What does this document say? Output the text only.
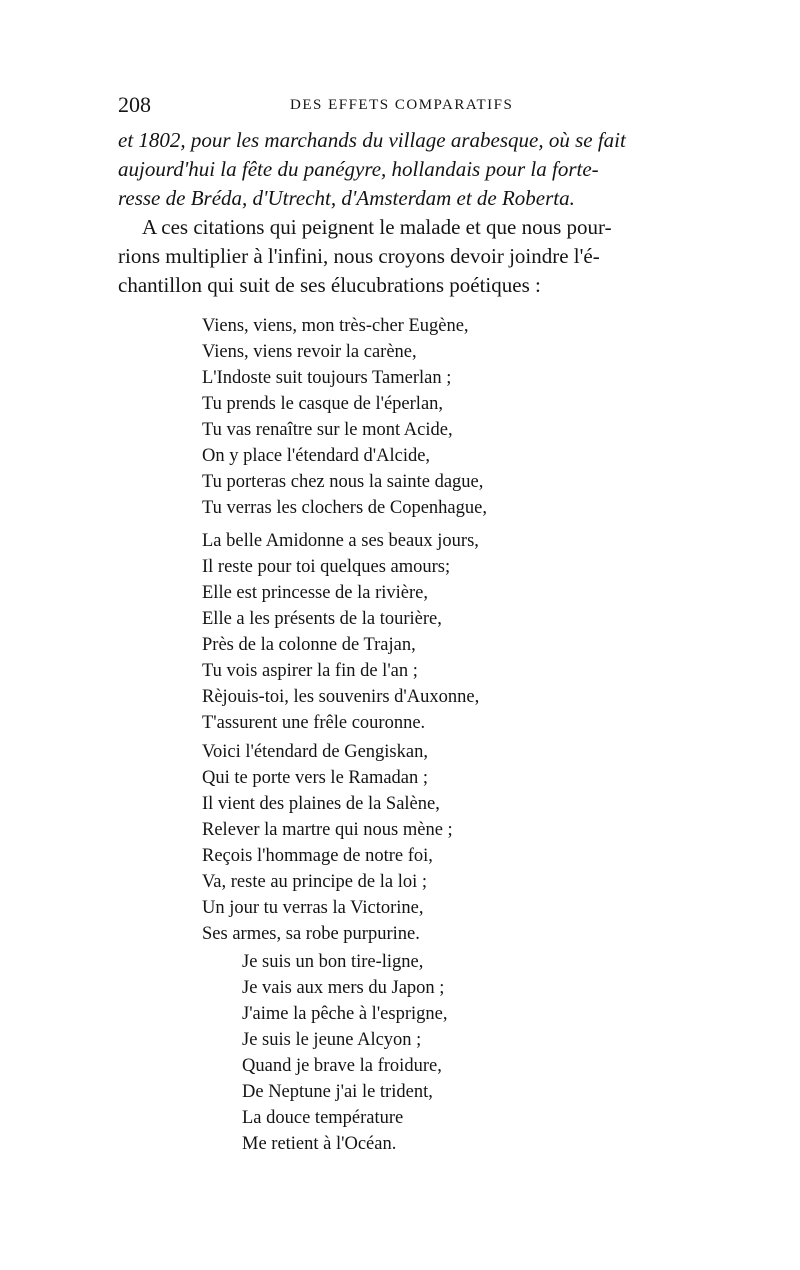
208	DES EFFETS COMPARATIFS

et 1802, pour les marchands du village arabesque, où se fait

aujourd'hui la fête du panégyre, hollandais pour la forte-

resse de Bréda, d'Utrecht, d'Amsterdam et de Roberta.

A ces citations qui peignent le malade et que nous pour-

rions multiplier à l'infini, nous croyons devoir joindre l'é-

chantillon qui suit de ses élucubrations poétiques :

Viens, viens, mon très-cher Eugène,
Viens, viens revoir la carène,
L'Indoste suit toujours Tamerlan ;
Tu prends le casque de l'éperlan,
Tu vas renaître sur le mont Acide,
On y place l'étendard d'Alcide,
Tu porteras chez nous la sainte dague,
Tu verras les clochers de Copenhague,
La belle Amidonne a ses beaux jours,
Il reste pour toi quelques amours;
Elle est princesse de la rivière,
Elle a les présents de la tourière,
Près de la colonne de Trajan,
Tu vois aspirer la fin de l'an ;
Rèjouis-toi, les souvenirs d'Auxonne,
T'assurent une frêle couronne.
Voici l'étendard de Gengiskan,
Qui te porte vers le Ramadan ;
Il vient des plaines de la Salène,
Relever la martre qui nous mène ;
Reçois l'hommage de notre foi,
Va, reste au principe de la loi ;
Un jour tu verras la Victorine,
Ses armes, sa robe purpurine.
Je suis un bon tire-ligne,
Je vais aux mers du Japon ;
J'aime la pêche à l'esprigne,
Je suis le jeune Alcyon ;
Quand je brave la froidure,
De Neptune j'ai le trident,
La douce température
Me retient à l'Océan.
